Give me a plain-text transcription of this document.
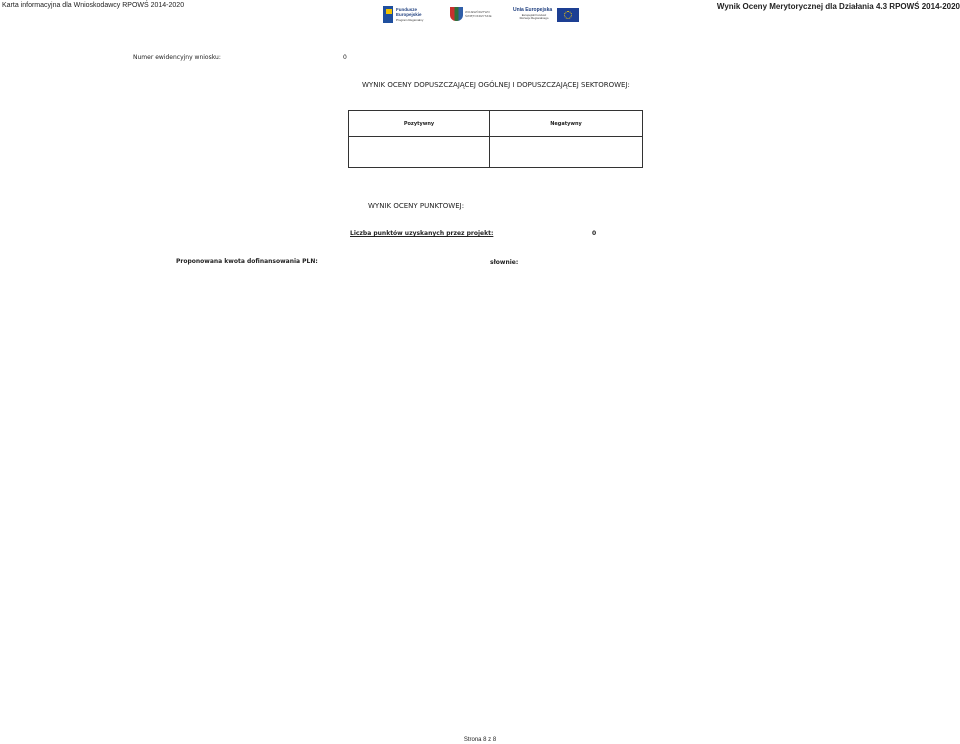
Karta informacyjna dla Wnioskodawcy RPOWŚ 2014-2020	Wynik Oceny Merytorycznej dla Działania 4.3 RPOWŚ 2014-2020
Fundusze
Europejskie
Program Regionalny
WOJEWÓDZTWO
ŚWIĘTOKRZYSKIE
Unia Europejska
Europejski Fundusz
Rozwoju Regionalnego
Numer ewidencyjny wniosku:	0
WYNIK OCENY DOPUSZCZAJĄCEJ OGÓLNEJ I DOPUSZCZAJĄCEJ SEKTOROWEJ:
Pozytywny	Negatywny

WYNIK OCENY PUNKTOWEJ:
Liczba punktów uzyskanych przez projekt:	0
Proponowana kwota dofinansowania PLN:	słownie:
Strona 8 z 8
